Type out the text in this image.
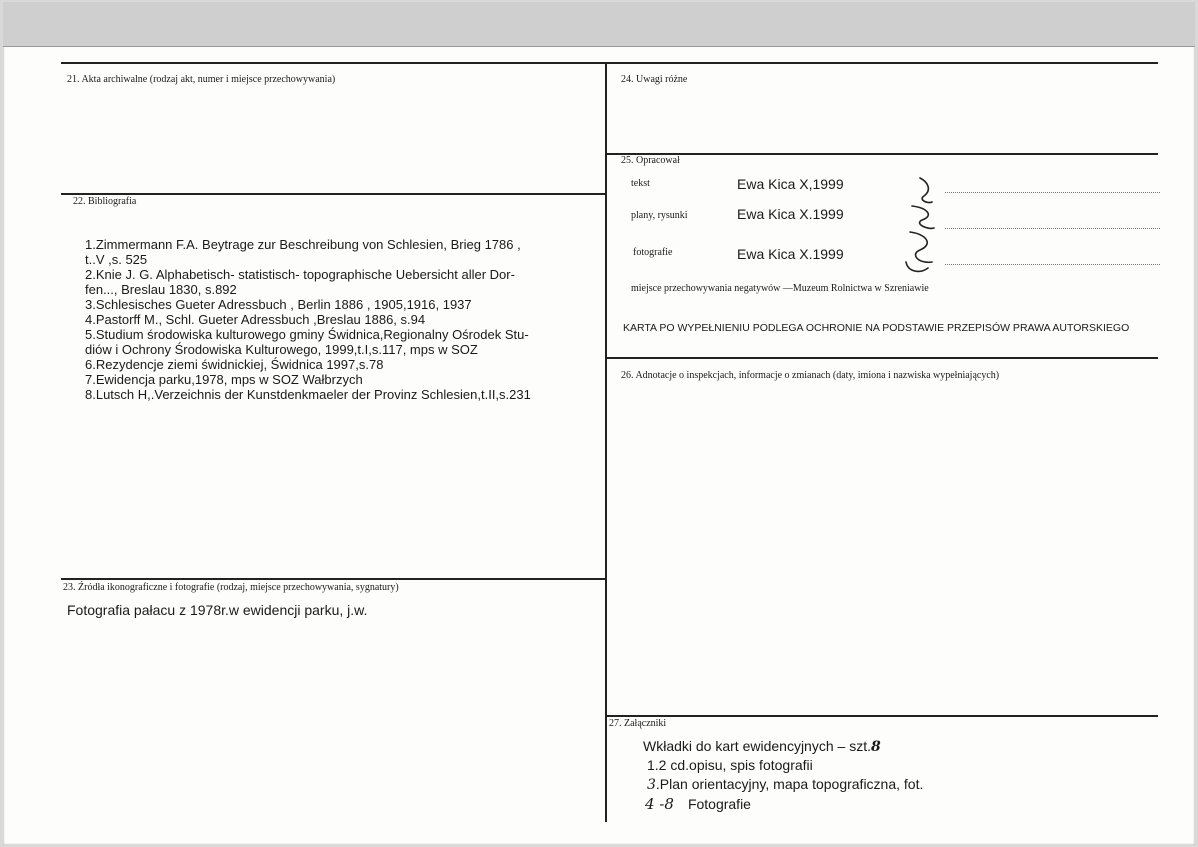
21. Akta archiwalne (rodzaj akt, numer i miejsce przechowywania)
22. Bibliografia
1.Zimmermann F.A. Beytrage zur Beschreibung von Schlesien, Brieg 1786 ,
t..V ,s. 525
2.Knie J. G. Alphabetisch- statistisch- topographische Uebersicht aller Dor-
fen..., Breslau 1830, s.892
3.Schlesisches Gueter Adressbuch , Berlin 1886 , 1905,1916, 1937
4.Pastorff M., Schl. Gueter Adressbuch ,Breslau 1886, s.94
5.Studium środowiska kulturowego gminy Świdnica,Regionalny Ośrodek Stu-
diów i Ochrony Środowiska Kulturowego, 1999,t.I,s.117, mps w SOZ
6.Rezydencje ziemi świdnickiej, Świdnica 1997,s.78
7.Ewidencja parku,1978, mps w SOZ Wałbrzych
8.Lutsch H,.Verzeichnis der Kunstdenkmaeler der Provinz Schlesien,t.II,s.231
23. Źródła ikonograficzne i fotografie (rodzaj, miejsce przechowywania, sygnatury)
Fotografia pałacu z 1978r.w ewidencji parku, j.w.
24. Uwagi różne
25. Opracował
tekst	Ewa Kica X,1999
plany, rysunki	Ewa Kica X.1999
fotografie	Ewa Kica X.1999
miejsce przechowywania negatywów —Muzeum Rolnictwa w Szreniawie
KARTA PO WYPEŁNIENIU PODLEGA OCHRONIE NA PODSTAWIE PRZEPISÓW PRAWA AUTORSKIEGO
26. Adnotacje o inspekcjach, informacje o zmianach (daty, imiona i nazwiska wypełniających)
27. Załączniki
Wkładki do kart ewidencyjnych – szt.8
1.2 cd.opisu, spis fotografii
3.Plan orientacyjny, mapa topograficzna, fot.
4 -8 Fotografie
